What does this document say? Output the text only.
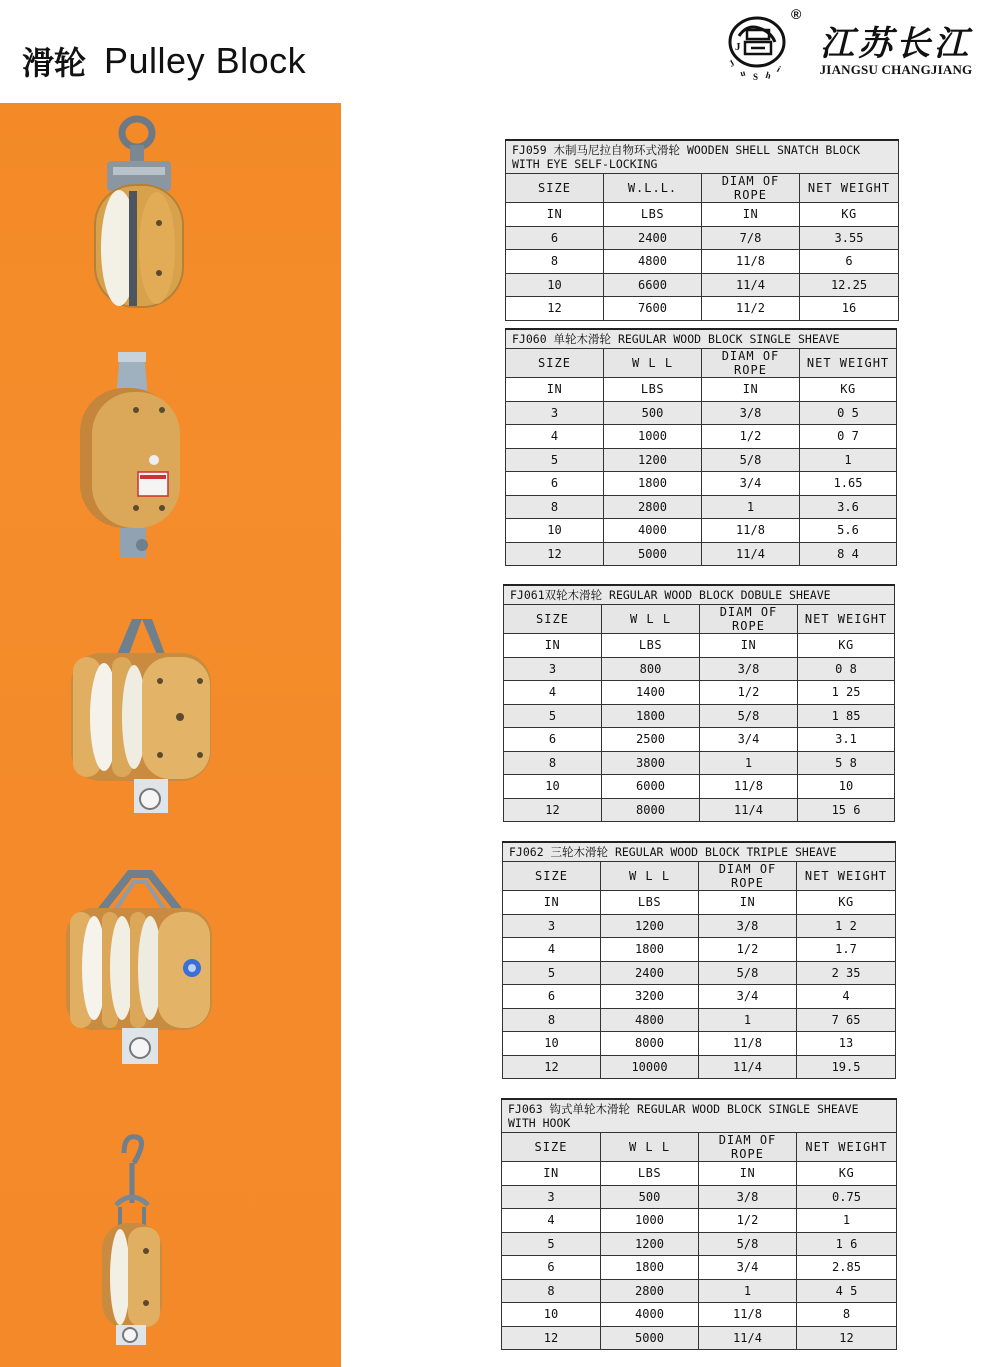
滑轮 Pulley Block	J
J
u S h
i
®
江苏长江
JIANGSU CHANGJIANG
FJ059 木制马尼拉自物环式滑轮 WOODEN SHELL SNATCH BLOCK WITH EYE SELF-LOCKING			
SIZE	W.L.L.	DIAM OF ROPE	NET WEIGHT
IN	LBS	IN	KG
6	2400	7/8	3.55
8	4800	11/8	6
10	6600	11/4	12.25
12	7600	11/2	16
FJ060 单轮木滑轮 REGULAR WOOD BLOCK SINGLE SHEAVE			
SIZE	W L L	DIAM OF ROPE	NET WEIGHT
IN	LBS	IN	KG
3	500	3/8	0 5
4	1000	1/2	0 7
5	1200	5/8	1
6	1800	3/4	1.65
8	2800	1	3.6
10	4000	11/8	5.6
12	5000	11/4	8 4
FJ061双轮木滑轮 REGULAR WOOD BLOCK DOBULE SHEAVE			
SIZE	W L L	DIAM OF ROPE	NET WEIGHT
IN	LBS	IN	KG
3	800	3/8	0 8
4	1400	1/2	1 25
5	1800	5/8	1 85
6	2500	3/4	3.1
8	3800	1	5 8
10	6000	11/8	10
12	8000	11/4	15 6
FJ062 三轮木滑轮 REGULAR WOOD BLOCK TRIPLE SHEAVE			
SIZE	W L L	DIAM OF ROPE	NET WEIGHT
IN	LBS	IN	KG
3	1200	3/8	1 2
4	1800	1/2	1.7
5	2400	5/8	2 35
6	3200	3/4	4
8	4800	1	7 65
10	8000	11/8	13
12	10000	11/4	19.5
FJ063 钩式单轮木滑轮 REGULAR WOOD BLOCK SINGLE SHEAVE WITH HOOK			
SIZE	W L L	DIAM OF ROPE	NET WEIGHT
IN	LBS	IN	KG
3	500	3/8	0.75
4	1000	1/2	1
5	1200	5/8	1 6
6	1800	3/4	2.85
8	2800	1	4 5
10	4000	11/8	8
12	5000	11/4	12
